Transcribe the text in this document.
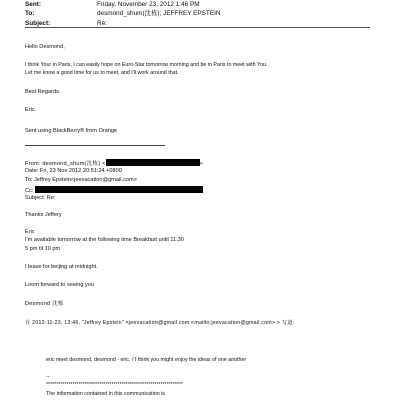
Sent:	Friday, November 23, 2012 1:46 PM
To:	desmond_shum(沈栋); JEFFREY EPSTEIN
Subject:	Re:
Hello Desmond,
I think Your in Paris, I can easily hope on Euro-Star tomorrow morning and be in Paris to meet with You.
Let me know a good time for us to meet, and I'll work around that.
Best Regards.
Eric.
Sent using BlackBerry® from Orange
From: desmond_shum(沈栋) <	>
Date: Fri, 23 Nov 2012 20:51:24 +0800
To: Jeffrey Epstein<jeevacation@gmail.com>
Cc:
Subject: Re:
Thanks Jeffery
Eric
I'm available tomorrow at the following time Breakfast until 11:30
5 pm til 10 pm
I leave for beijing at midnight.
Loom forward to seeing you
Desmond 沈栋
在 2012-11-23, 13:46, "Jeffrey Epstein" <jeevacation@gmail.com <mailto:jeevacation@gmail.com> > 写道：
eric meet desmond, desmond - eric. / I think you might enjoy the ideas of one another
--
*******************************************************************
The information contained in this communication is
